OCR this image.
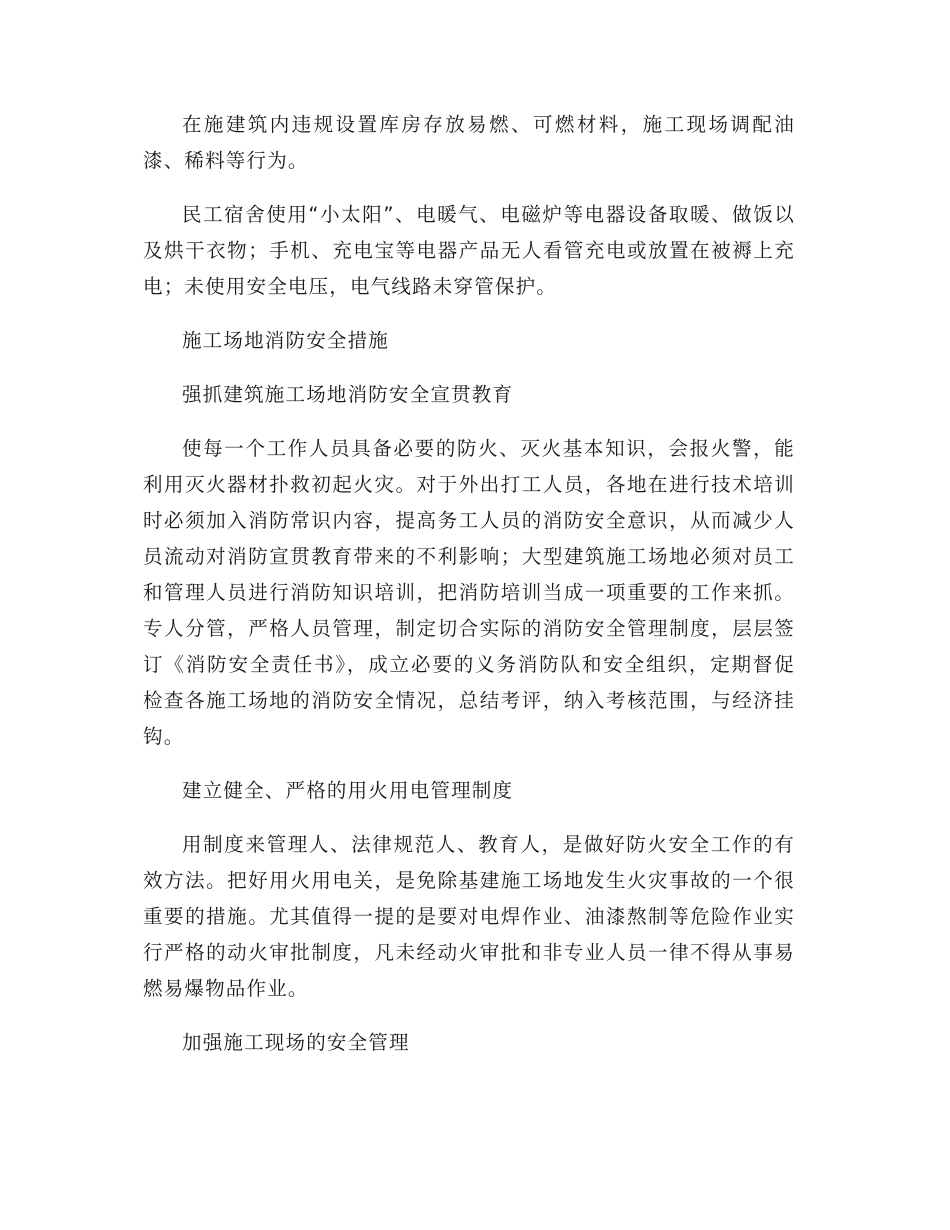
在施建筑内违规设置库房存放易燃、可燃材料，施工现场调配油漆、稀料等行为。

民工宿舍使用“小太阳”、电暖气、电磁炉等电器设备取暖、做饭以及烘干衣物；手机、充电宝等电器产品无人看管充电或放置在被褥上充电；未使用安全电压，电气线路未穿管保护。

施工场地消防安全措施

强抓建筑施工场地消防安全宣贯教育

使每一个工作人员具备必要的防火、灭火基本知识，会报火警，能利用灭火器材扑救初起火灾。对于外出打工人员，各地在进行技术培训时必须加入消防常识内容，提高务工人员的消防安全意识，从而减少人员流动对消防宣贯教育带来的不利影响；大型建筑施工场地必须对员工和管理人员进行消防知识培训，把消防培训当成一项重要的工作来抓。专人分管，严格人员管理，制定切合实际的消防安全管理制度，层层签订《消防安全责任书》，成立必要的义务消防队和安全组织，定期督促检查各施工场地的消防安全情况，总结考评，纳入考核范围，与经济挂钩。

建立健全、严格的用火用电管理制度

用制度来管理人、法律规范人、教育人，是做好防火安全工作的有效方法。把好用火用电关，是免除基建施工场地发生火灾事故的一个很重要的措施。尤其值得一提的是要对电焊作业、油漆熬制等危险作业实行严格的动火审批制度，凡未经动火审批和非专业人员一律不得从事易燃易爆物品作业。

加强施工现场的安全管理
